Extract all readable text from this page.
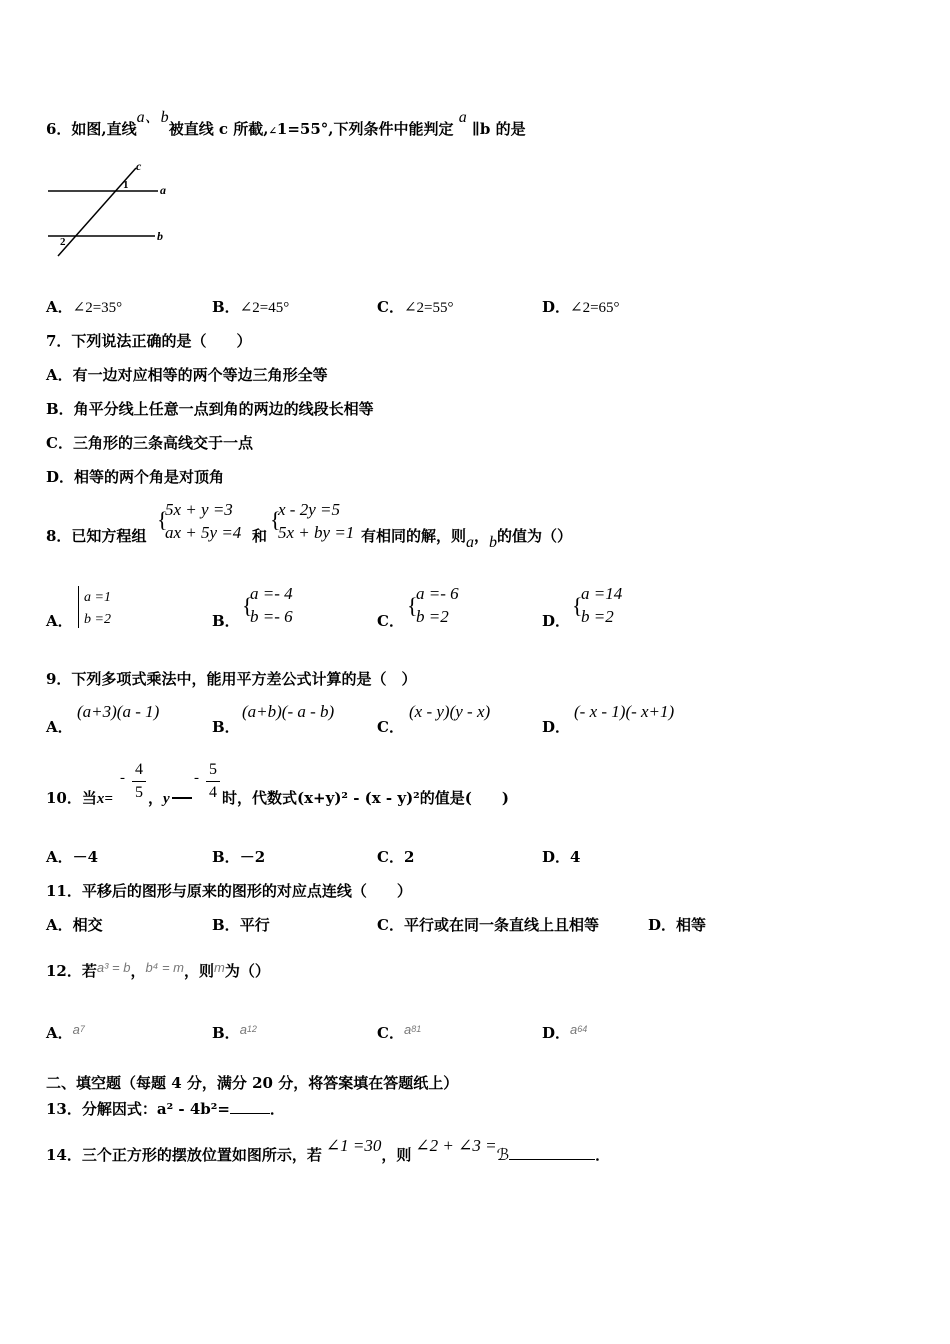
6．如图,直线a、b被直线 c 所截,∠1=55°,下列条件中能判定 a ∥b 的是
c
1	a
2	b
A．∠2=35°	B．∠2=45°	C．∠2=55°	D．∠2=65°
7．下列说法正确的是（　　）
A．有一边对应相等的两个等边三角形全等
B．角平分线上任意一点到角的两边的线段长相等
C．三角形的三条高线交于一点
D．相等的两个角是对顶角
8．已知方程组
{
5x + y =3
ax + 5y =4 和
{
x - 2y =5
5x + by =1 有相同的解，则a，b的值为（）
A．
a =1
b =2	B．
{
a =- 4
b =- 6	C．
{
a =- 6
b =2	D．
{
a =14
b =2
9．下列多项式乘法中，能用平方差公式计算的是（　）
A．
(a+3)(a - 1)
B．
(a+b)(- a - b)
C．
(x - y)(y - x)
D．
(- x - 1)(- x+1)
10．当x=
- 4
5 ，y
- 5
4 时，代数式(x+y)² - (x - y)²的值是(　　)
A．－4	B．－2	C．2	D．4
11．平移后的图形与原来的图形的对应点连线（　　）
A．相交	B．平行	C．平行或在同一条直线上且相等	D．相等
12．若a³ = b，b⁴ = m，则m为（）
A．$a^7$	B．$a^{12}$	C．$a^{81}$	D．$a^{64}$
二、填空题（每题 4 分，满分 20 分，将答案填在答题纸上）
13．分解因式：a² - 4b²=	．
14．三个正方形的摆放位置如图所示，若 ∠1 =30，则 ∠2 + ∠3 =ℬ	．
